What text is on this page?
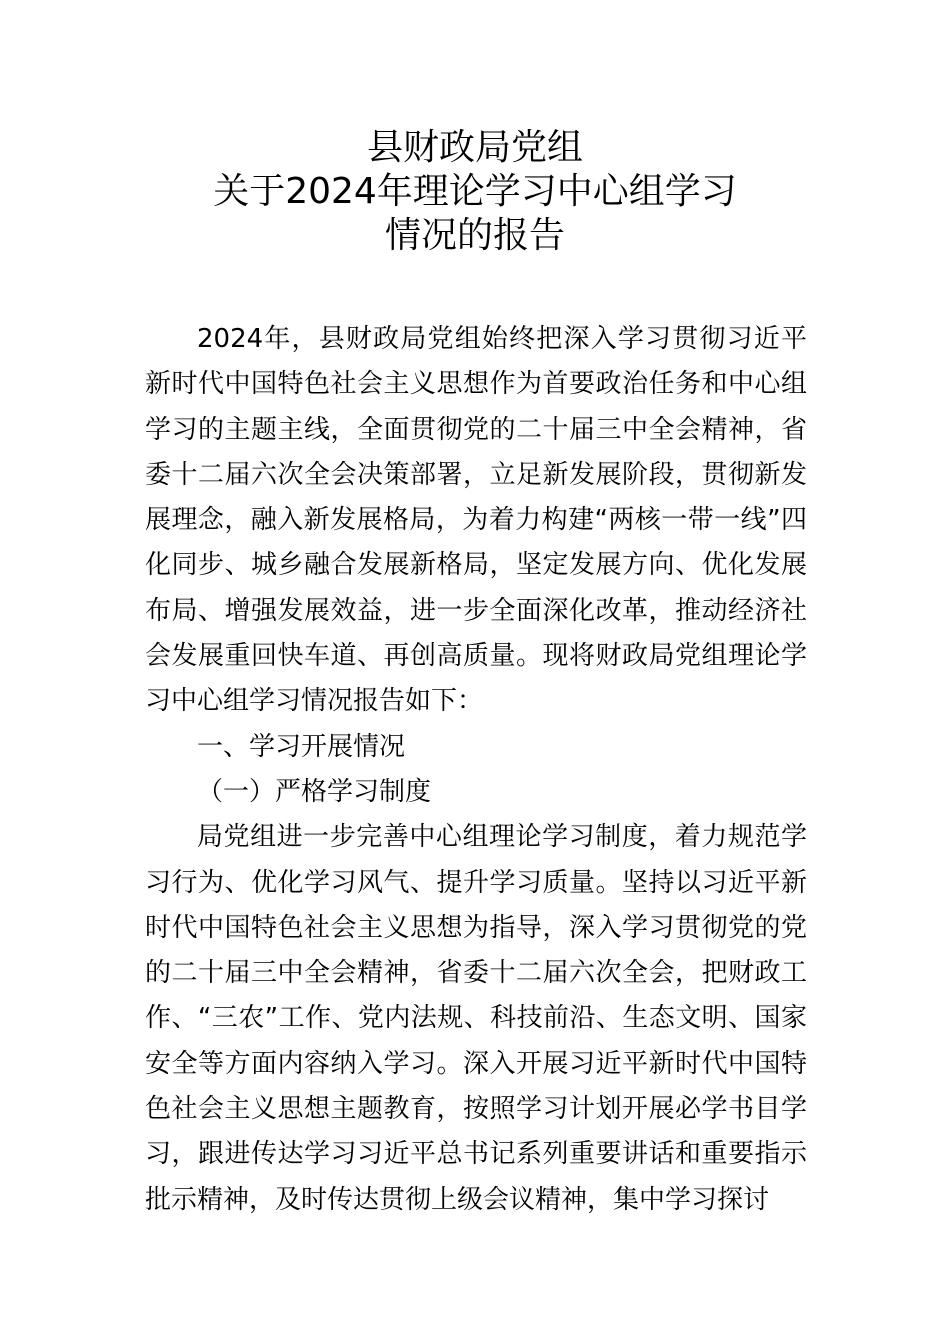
县财政局党组
关于2024年理论学习中心组学习
情况的报告

2024年，县财政局党组始终把深入学习贯彻习近平新时代中国特色社会主义思想作为首要政治任务和中心组学习的主题主线，全面贯彻党的二十届三中全会精神，省委十二届六次全会决策部署，立足新发展阶段，贯彻新发展理念，融入新发展格局，为着力构建“两核一带一线”四化同步、城乡融合发展新格局，坚定发展方向、优化发展布局、增强发展效益，进一步全面深化改革，推动经济社会发展重回快车道、再创高质量。现将财政局党组理论学习中心组学习情况报告如下：

一、学习开展情况

（一）严格学习制度

局党组进一步完善中心组理论学习制度，着力规范学习行为、优化学习风气、提升学习质量。坚持以习近平新时代中国特色社会主义思想为指导，深入学习贯彻党的党的二十届三中全会精神，省委十二届六次全会，把财政工作、“三农”工作、党内法规、科技前沿、生态文明、国家安全等方面内容纳入学习。深入开展习近平新时代中国特色社会主义思想主题教育，按照学习计划开展必学书目学习，跟进传达学习习近平总书记系列重要讲话和重要指示批示精神，及时传达贯彻上级会议精神，集中学习探讨
